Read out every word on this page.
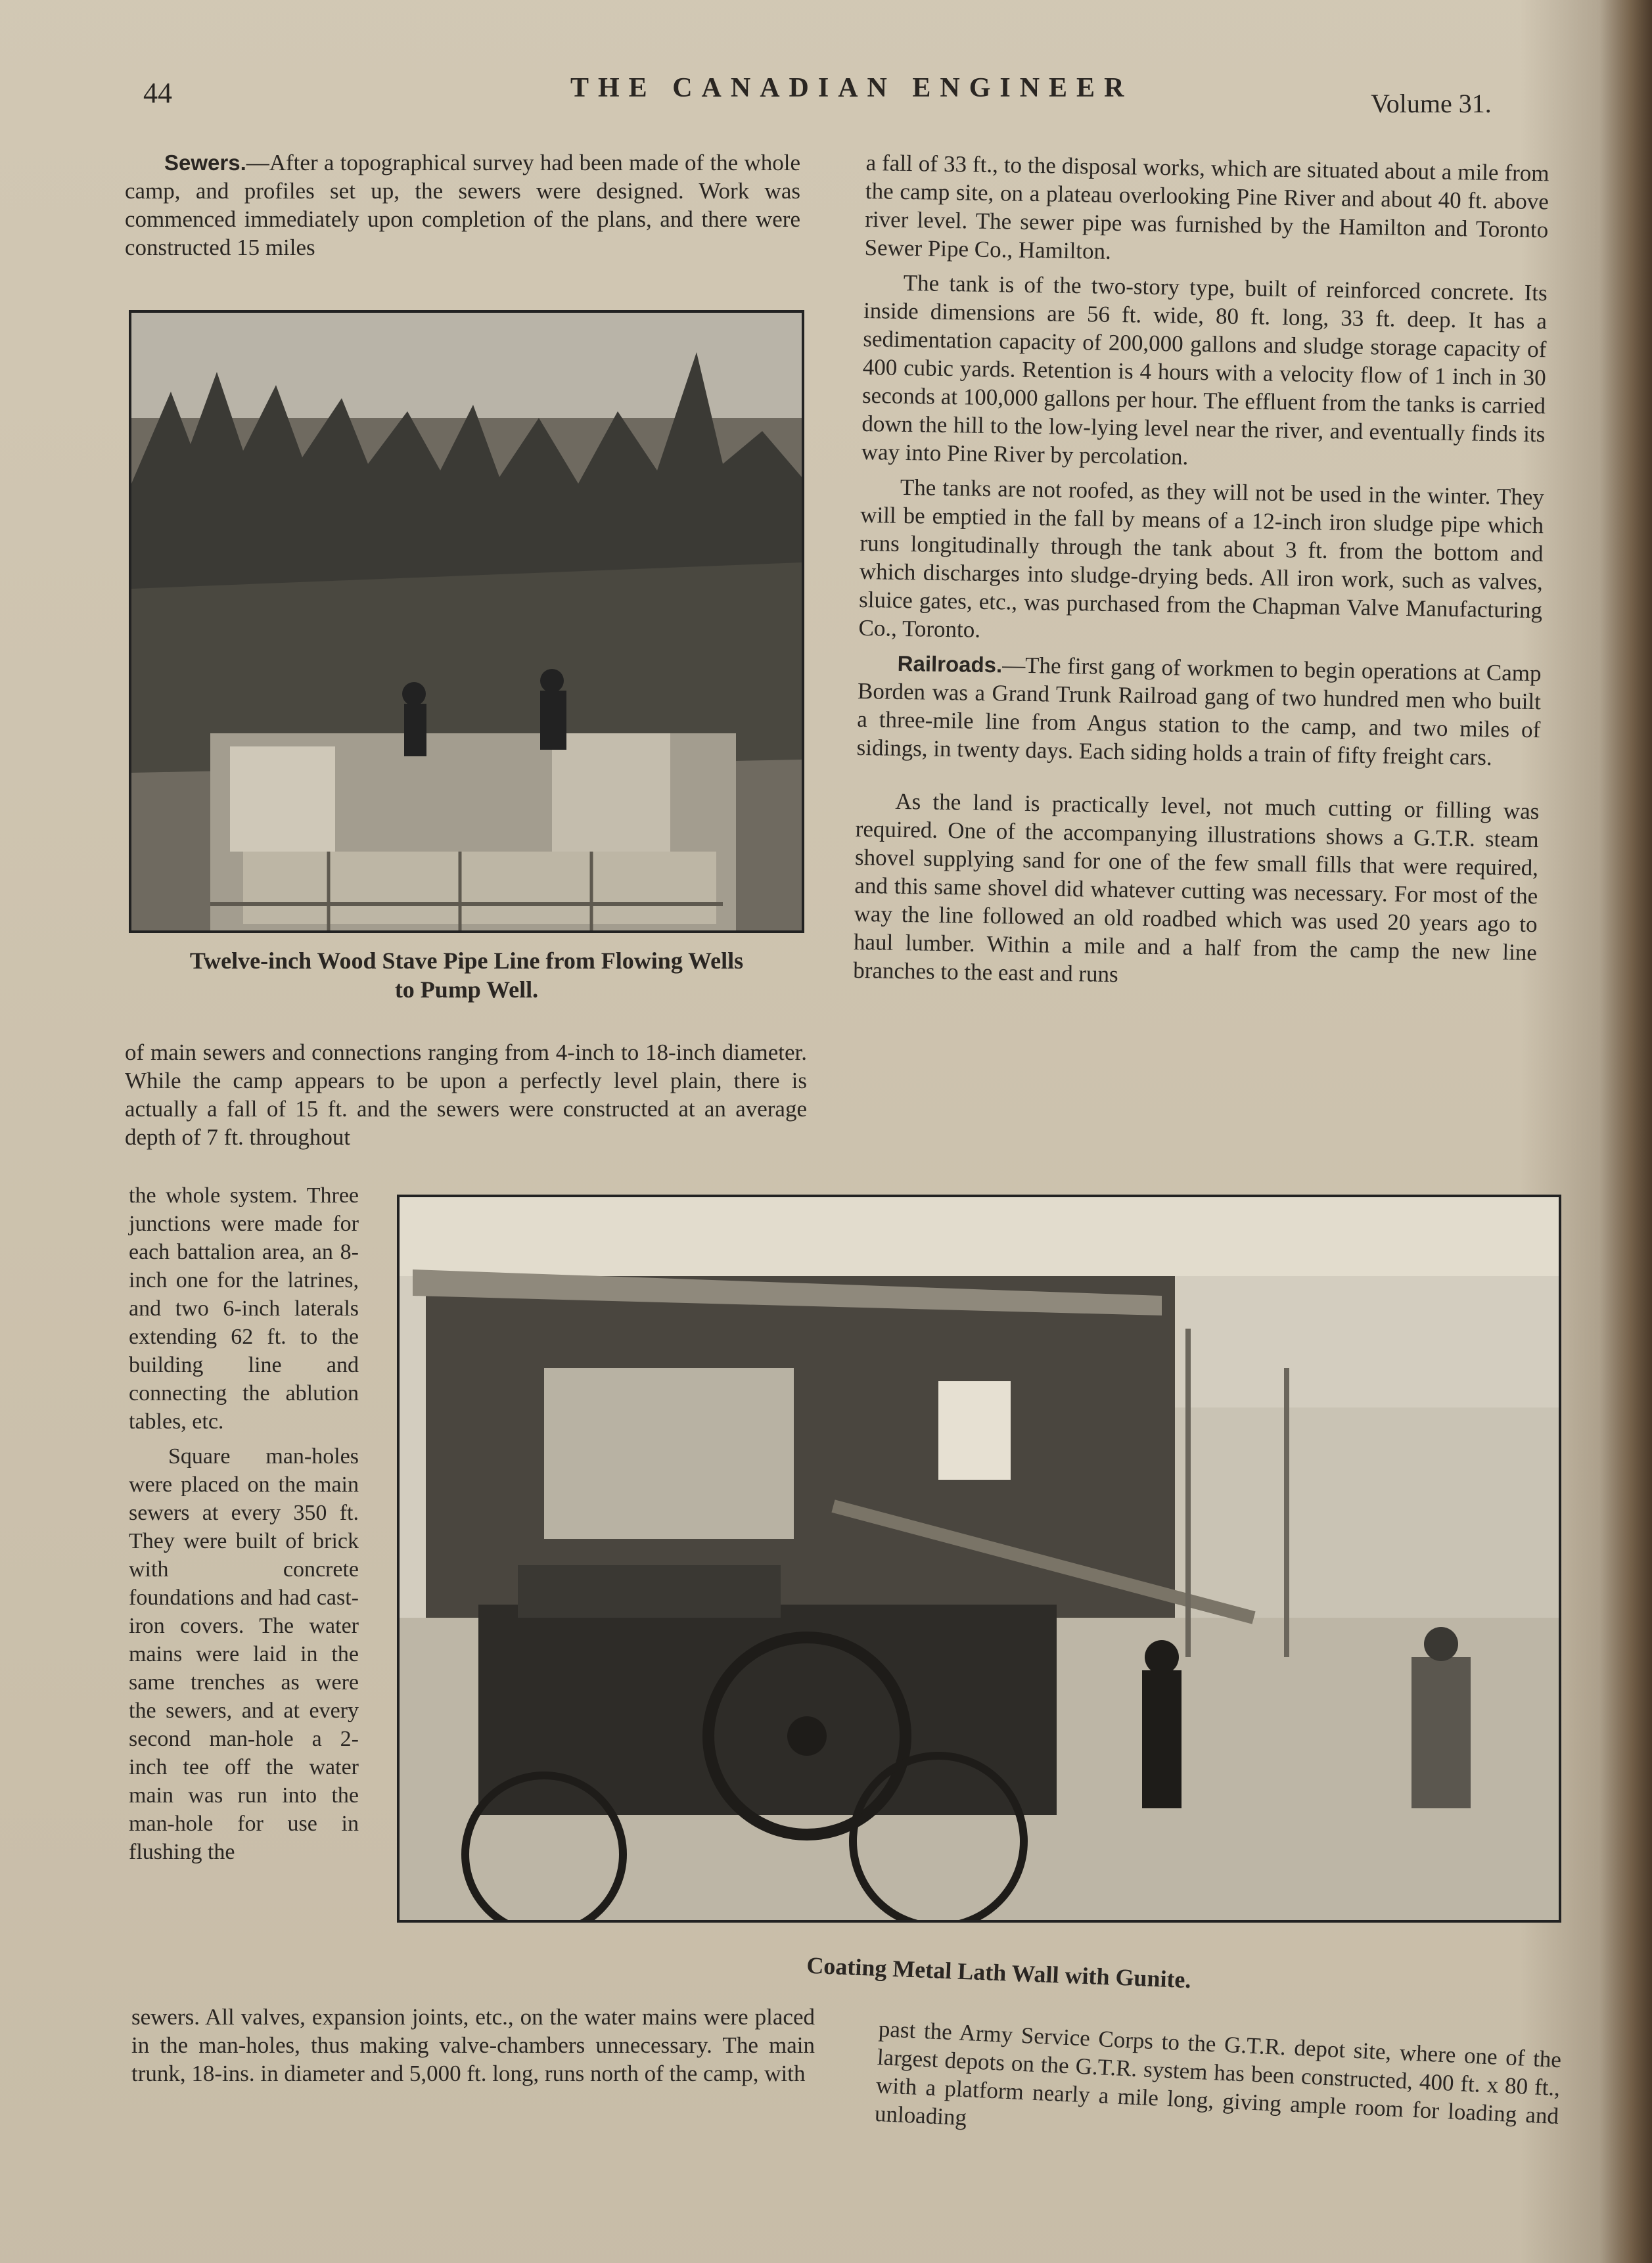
44	THE CANADIAN ENGINEER
Volume 31.

Sewers.—After a topographical survey had been made of the whole camp, and profiles set up, the sewers were designed. Work was commenced immediately upon completion of the plans, and there were constructed 15 miles

Twelve-inch Wood Stave Pipe Line from Flowing Wells
to Pump Well.

of main sewers and connections ranging from 4-inch to 18-inch diameter. While the camp appears to be upon a perfectly level plain, there is actually a fall of 15 ft. and the sewers were constructed at an average depth of 7 ft. throughout

the whole system. Three junctions were made for each battalion area, an 8-inch one for the latrines, and two 6-inch laterals extending 62 ft. to the building line and connecting the ablution tables, etc.

Square man-holes were placed on the main sewers at every 350 ft. They were built of brick with concrete foundations and had cast-iron covers. The water mains were laid in the same trenches as were the sewers, and at every second man-hole a 2-inch tee off the water main was run into the man-hole for use in flushing the

Coating Metal Lath Wall with Gunite.

sewers. All valves, expansion joints, etc., on the water mains were placed in the man-holes, thus making valve-chambers unnecessary. The main trunk, 18-ins. in diameter and 5,000 ft. long, runs north of the camp, with

a fall of 33 ft., to the disposal works, which are situated about a mile from the camp site, on a plateau overlooking Pine River and about 40 ft. above river level. The sewer pipe was furnished by the Hamilton and Toronto Sewer Pipe Co., Hamilton.

The tank is of the two-story type, built of reinforced concrete. Its inside dimensions are 56 ft. wide, 80 ft. long, 33 ft. deep. It has a sedimentation capacity of 200,000 gallons and sludge storage capacity of 400 cubic yards. Retention is 4 hours with a velocity flow of 1 inch in 30 seconds at 100,000 gallons per hour. The effluent from the tanks is carried down the hill to the low-lying level near the river, and eventually finds its way into Pine River by percolation.

The tanks are not roofed, as they will not be used in the winter. They will be emptied in the fall by means of a 12-inch iron sludge pipe which runs longitudinally through the tank about 3 ft. from the bottom and which discharges into sludge-drying beds. All iron work, such as valves, sluice gates, etc., was purchased from the Chapman Valve Manufacturing Co., Toronto.

Railroads.—The first gang of workmen to begin operations at Camp Borden was a Grand Trunk Railroad gang of two hundred men who built a three-mile line from Angus station to the camp, and two miles of sidings, in twenty days. Each siding holds a train of fifty freight cars.

As the land is practically level, not much cutting or filling was required. One of the accompanying illustrations shows a G.T.R. steam shovel supplying sand for one of the few small fills that were required, and this same shovel did whatever cutting was necessary. For most of the way the line followed an old roadbed which was used 20 years ago to haul lumber. Within a mile and a half from the camp the new line branches to the east and runs

past the Army Service Corps to the G.T.R. depot site, where one of the largest depots on the G.T.R. system has been constructed, 400 ft. x 80 ft., with a platform nearly a mile long, giving ample room for loading and unloading
